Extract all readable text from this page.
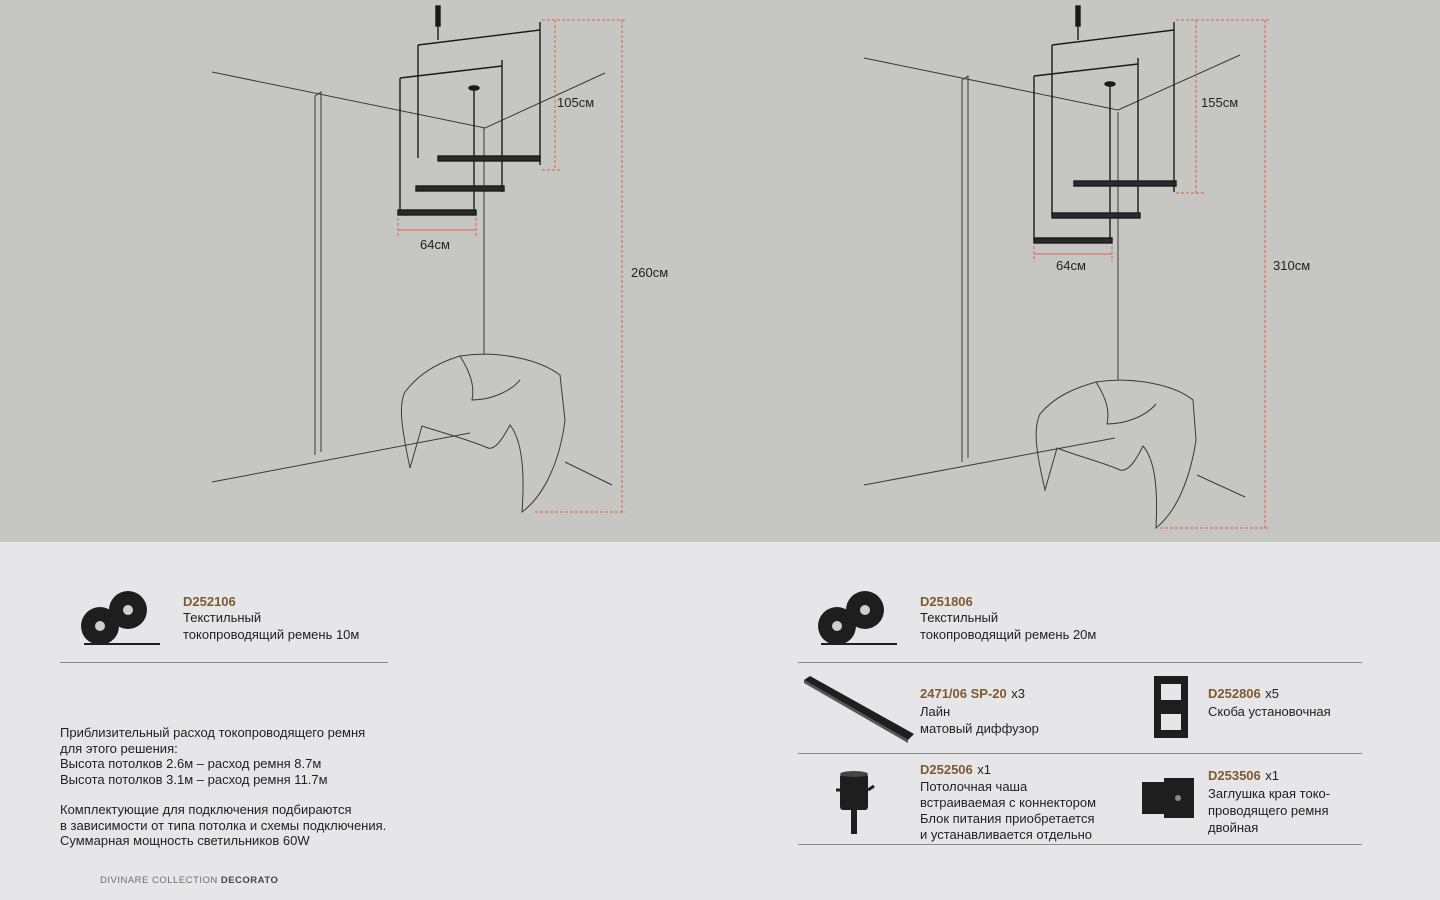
105см
64см
260см
155см
64см	310см
D252106
Текстильный
токопроводящий ремень 10м
Приблизительный расход токопроводящего ремня
для этого решения:
Высота потолков 2.6м – расход ремня 8.7м
Высота потолков 3.1м – расход ремня 11.7м
Комплектующие для подключения подбираются
в зависимости от типа потолка и схемы подключения.
Суммарная мощность светильников 60W
DIVINARE COLLECTION DECORATO
D251806
Текстильный
токопроводящий ремень 20м
2471/06 SP-20 x3
Лайн
матовый диффузор
D252806 x5
Скоба установочная
D252506 x1
Потолочная чаша
встраиваемая с коннектором
Блок питания приобретается
и устанавливается отдельно
D253506 x1
Заглушка края токо-
проводящего ремня
двойная
